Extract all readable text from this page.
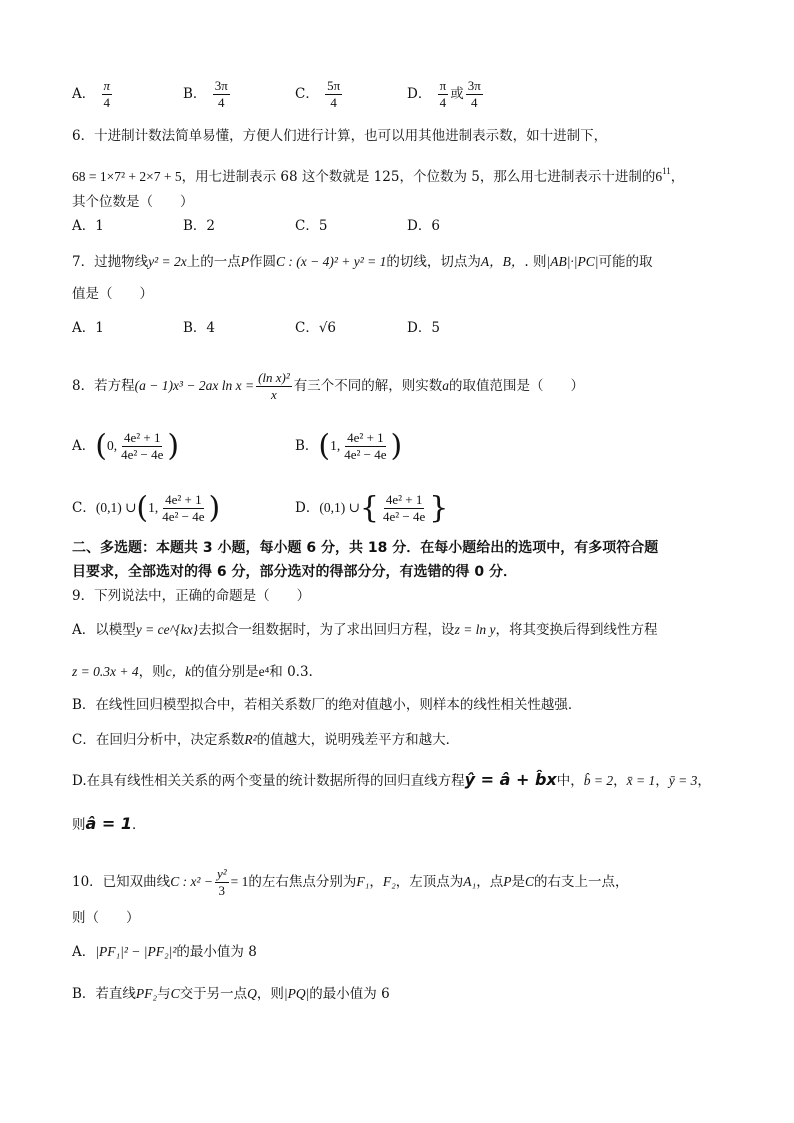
A． $\frac{\pi}{4}$	B． $\frac{3\pi}{4}$	C． $\frac{5\pi}{4}$	D． $\frac{\pi}{4}$ 或 $\frac{3\pi}{4}$
6．十进制计数法简单易懂，方便人们进行计算，也可以用其他进制表示数，如十进制下，
68 = 1×7² + 2×7 + 5，用七进制表示 68 这个数就是 125，个位数为 5，那么用七进制表示十进制的$6^{11}$，
其个位数是（　　）
A．1	B．2	C．5	D．6
7．过抛物线y² = 2x上的一点P作圆C : (x − 4)² + y² = 1的切线，切点为A，B，. 则|AB|·|PC|可能的取
值是（　　）
A．1	B．4	C．√6	D．5
8．若方程(a − 1)x³ − 2ax $\ln x = \frac{\text{(ln x)²}}{x}$ 有三个不同的解，则实数a的取值范围是（　　）
A．(0, $\frac{\text{4e² + 1}}{\text{4e² − 4e}}$ )	B．(1, $\frac{\text{4e² + 1}}{\text{4e² − 4e}}$ )
C．(0,1) ∪(1, $\frac{\text{4e² + 1}}{\text{4e² − 4e}}$ )	D．(0,1) ∪{ $\frac{\text{4e² + 1}}{\text{4e² − 4e}}$ }
二、多选题：本题共 3 小题，每小题 6 分，共 18 分．在每小题给出的选项中，有多项符合题
目要求，全部选对的得 6 分，部分选对的得部分分，有选错的得 0 分．
9．下列说法中，正确的命题是（　　）
A．以模型y = ce^{kx}去拟合一组数据时，为了求出回归方程，设z = ln y，将其变换后得到线性方程
z = 0.3x + 4，则c，k的值分别是e⁴和 0.3.
B．在线性回归模型拟合中，若相关系数厂的绝对值越小，则样本的线性相关性越强．
C．在回归分析中，决定系数R²的值越大，说明残差平方和越大．
D.在具有线性相关关系的两个变量的统计数据所得的回归直线方程ŷ = â + b̂x中，b̂ = 2，x̄ = 1，ȳ = 3，
则â = 1．
10．已知双曲线C : $x^2 - \frac{\text{y²}}{3} = 1$的左右焦点分别为F₁，F₂，左顶点为A₁，点P是C的右支上一点，
则（　　）
A．|PF₁|² − |PF₂|²的最小值为 8
B．若直线PF₂与C交于另一点Q，则|PQ|的最小值为 6
